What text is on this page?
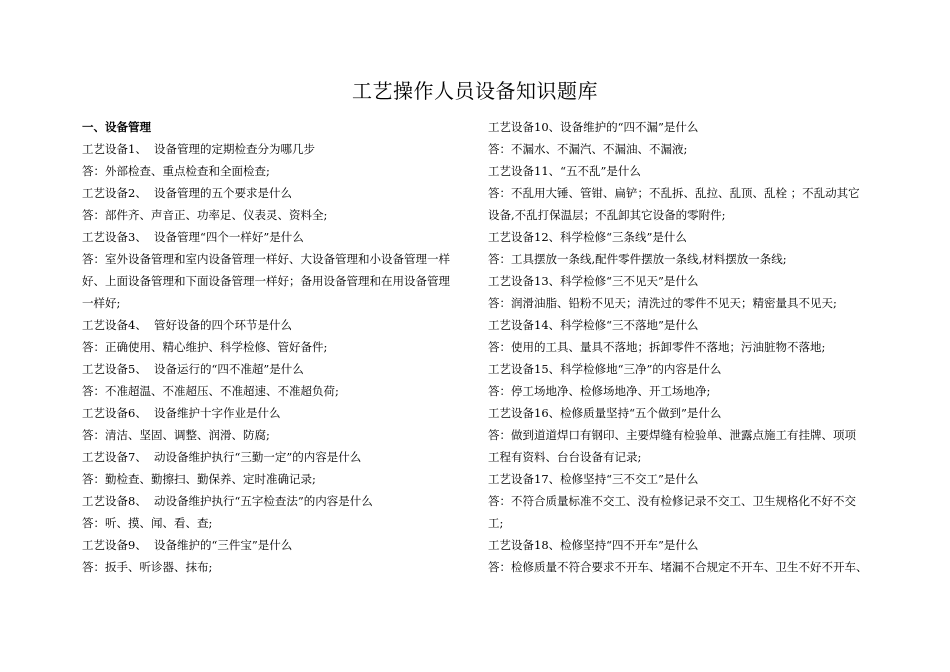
工艺操作人员设备知识题库
一、设备管理
工艺设备1、 设备管理的定期检查分为哪几步
答：外部检查、重点检查和全面检查;
工艺设备2、 设备管理的五个要求是什么
答：部件齐、声音正、功率足、仪表灵、资料全;
工艺设备3、 设备管理“四个一样好”是什么
答：室外设备管理和室内设备管理一样好、大设备管理和小设备管理一样
好、上面设备管理和下面设备管理一样好；备用设备管理和在用设备管理
一样好;
工艺设备4、 管好设备的四个环节是什么
答：正确使用、精心维护、科学检修、管好备件;
工艺设备5、 设备运行的“四不准超”是什么
答：不准超温、不准超压、不准超速、不准超负荷;
工艺设备6、 设备维护十字作业是什么
答：清洁、坚固、调整、润滑、防腐;
工艺设备7、 动设备维护执行“三勤一定”的内容是什么
答：勤检查、勤擦扫、勤保养、定时准确记录;
工艺设备8、 动设备维护执行“五字检查法”的内容是什么
答：听、摸、闻、看、查;
工艺设备9、 设备维护的“三件宝”是什么
答：扳手、听诊器、抹布;
工艺设备10、设备维护的“四不漏”是什么
答：不漏水、不漏汽、不漏油、不漏液;
工艺设备11、“五不乱”是什么
答：不乱用大锤、管钳、扁铲；不乱拆、乱拉、乱顶、乱栓 ；不乱动其它
设备,不乱打保温层；不乱卸其它设备的零附件;
工艺设备12、科学检修“三条线”是什么
答：工具摆放一条线,配件零件摆放一条线,材料摆放一条线;
工艺设备13、科学检修“三不见天”是什么
答：润滑油脂、铅粉不见天；清洗过的零件不见天；精密量具不见天;
工艺设备14、科学检修“三不落地”是什么
答：使用的工具、量具不落地；拆卸零件不落地；污油脏物不落地;
工艺设备15、科学检修地“三净”的内容是什么
答：停工场地净、检修场地净、开工场地净;
工艺设备16、检修质量坚持“五个做到”是什么
答：做到道道焊口有钢印、主要焊缝有检验单、泄露点施工有挂牌、项项
工程有资料、台台设备有记录;
工艺设备17、检修坚持“三不交工”是什么
答：不符合质量标准不交工、没有检修记录不交工、卫生规格化不好不交
工;
工艺设备18、检修坚持“四不开车”是什么
答：检修质量不符合要求不开车、堵漏不合规定不开车、卫生不好不开车、
